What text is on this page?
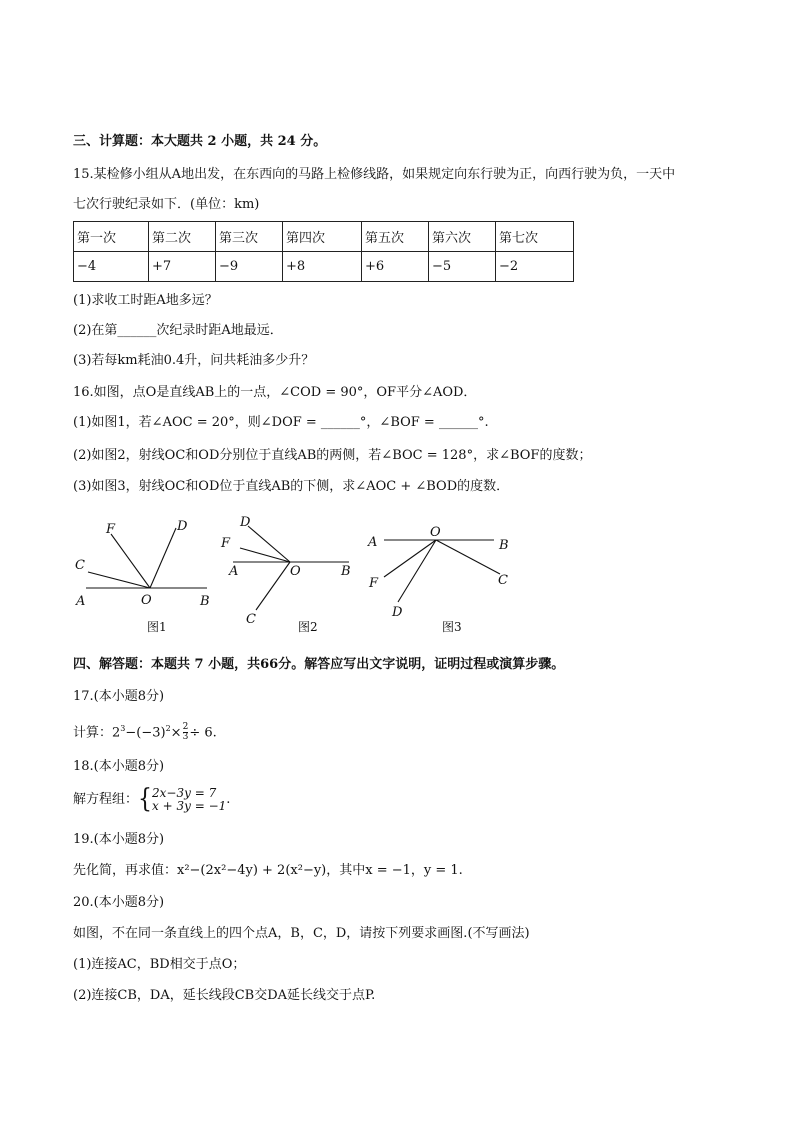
三、计算题：本大题共 2 小题，共 24 分。
15.某检修小组从A地出发，在东西向的马路上检修线路，如果规定向东行驶为正，向西行驶为负，一天中
七次行驶纪录如下．(单位：km)
第一次	第二次	第三次	第四次	第五次	第六次	第七次
−4	+7	−9	+8	+6	−5	−2
(1)求收工时距A地多远？
(2)在第______次纪录时距A地最远．
(3)若每km耗油0.4升，问共耗油多少升？
16.如图，点O是直线AB上的一点，∠COD = 90°，OF平分∠AOD．
(1)如图1，若∠AOC = 20°，则∠DOF = ______°，∠BOF = ______°.
(2)如图2，射线OC和OD分别位于直线AB的两侧，若∠BOC = 128°，求∠BOF的度数；
(3)如图3，射线OC和OD位于直线AB的下侧，求∠AOC + ∠BOD的度数．
F	D
C
A	O	B
图1
D
F
A	O	B
C	图2
A
O
B
F	C
D
图3
四、解答题：本题共 7 小题，共66分。解答应写出文字说明，证明过程或演算步骤。
17.(本小题8分)
计算：$2^3-(-3)^2\times \frac{2}{3} \div 6$.
18.(本小题8分)
解方程组：{ 2x−3y = 7
x + 3y = −1 .
19.(本小题8分)
先化简，再求值：x²−(2x²−4y) + 2(x²−y)，其中x = −1，y = 1.
20.(本小题8分)
如图，不在同一条直线上的四个点A，B，C，D，请按下列要求画图.(不写画法)
(1)连接AC，BD相交于点O；
(2)连接CB，DA，延长线段CB交DA延长线交于点P.
